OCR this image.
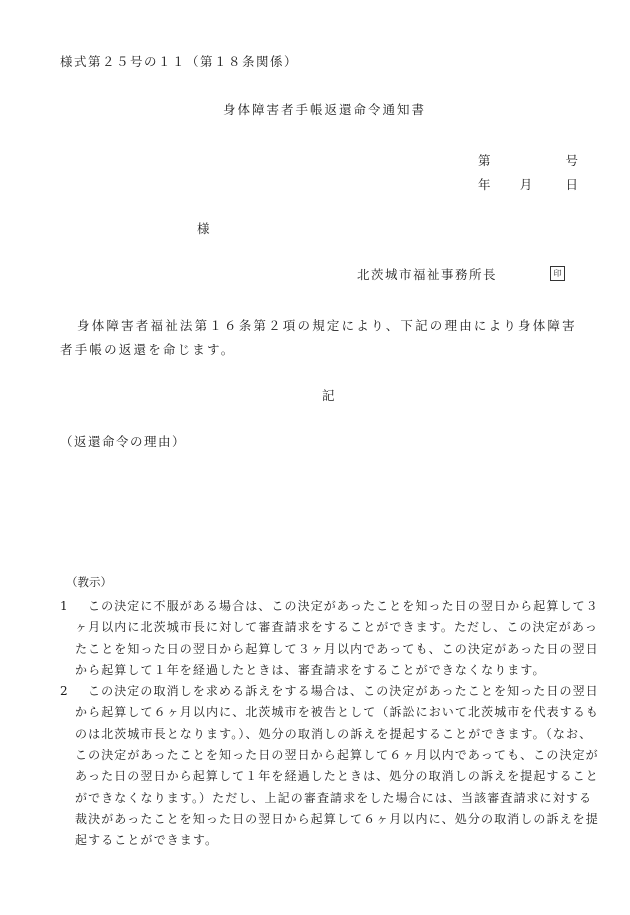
様式第２５号の１１（第１８条関係）
身体障害者手帳返還命令通知書
第	号
年 月	日
様
北茨城市福祉事務所長	印
身体障害者福祉法第１６条第２項の規定により、下記の理由により身体障害者手帳の返還を命じます。
記
（返還命令の理由）
（教示）
1	この決定に不服がある場合は、この決定があったことを知った日の翌日から起算して３ヶ月以内に北茨城市長に対して審査請求をすることができます。ただし、この決定があったことを知った日の翌日から起算して３ヶ月以内であっても、この決定があった日の翌日から起算して１年を経過したときは、審査請求をすることができなくなります。
2	この決定の取消しを求める訴えをする場合は、この決定があったことを知った日の翌日から起算して６ヶ月以内に、北茨城市を被告として（訴訟において北茨城市を代表するものは北茨城市長となります。）、処分の取消しの訴えを提起することができます。（なお、この決定があったことを知った日の翌日から起算して６ヶ月以内であっても、この決定があった日の翌日から起算して１年を経過したときは、処分の取消しの訴えを提起することができなくなります。）ただし、上記の審査請求をした場合には、当該審査請求に対する裁決があったことを知った日の翌日から起算して６ヶ月以内に、処分の取消しの訴えを提起することができます。
